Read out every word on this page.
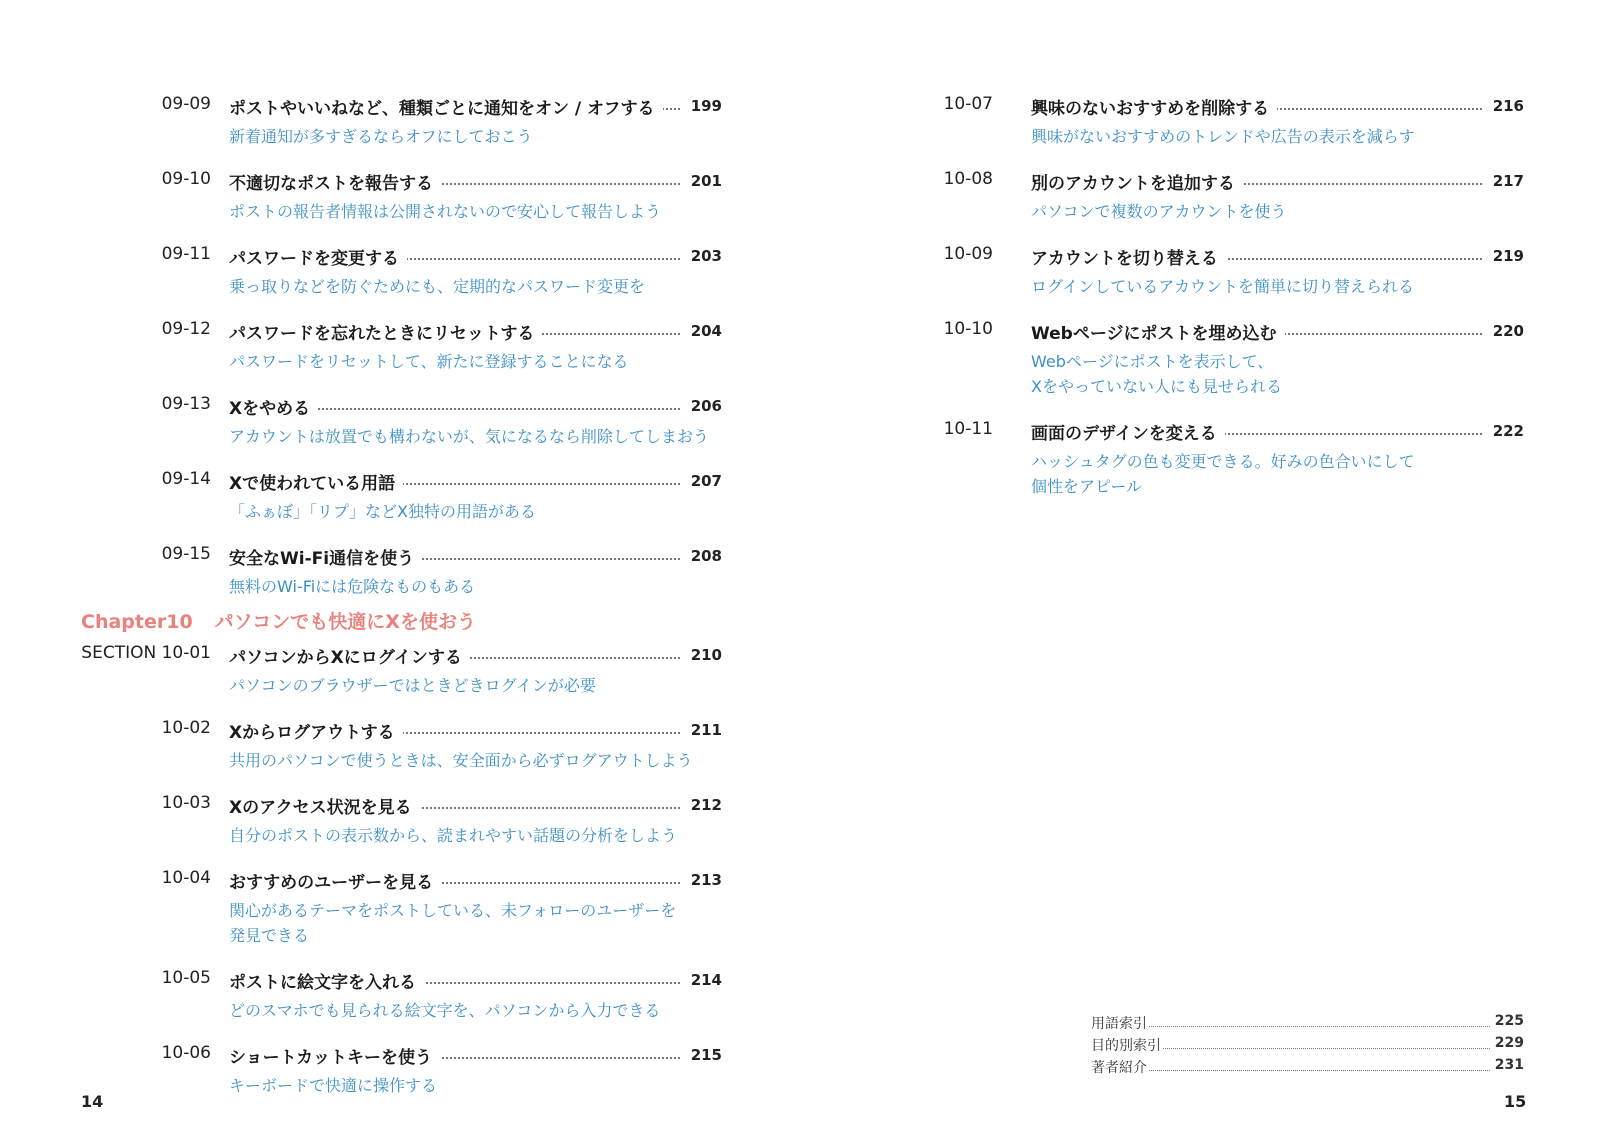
09-09 ポストやいいねなど、種類ごとに通知をオン / オフする	199
新着通知が多すぎるならオフにしておこう
09-10 不適切なポストを報告する	201
ポストの報告者情報は公開されないので安心して報告しよう
09-11 パスワードを変更する	203
乗っ取りなどを防ぐためにも、定期的なパスワード変更を
09-12 パスワードを忘れたときにリセットする	204
パスワードをリセットして、新たに登録することになる
09-13 Xをやめる	206
アカウントは放置でも構わないが、気になるなら削除してしまおう
09-14 Xで使われている用語	207
「ふぁぼ」「リプ」などX独特の用語がある
09-15 安全なWi-Fi通信を使う	208
無料のWi-Fiには危険なものもある
SECTION 10-01 パソコンからXにログインする	210
パソコンのブラウザーではときどきログインが必要
10-02 Xからログアウトする	211
共用のパソコンで使うときは、安全面から必ずログアウトしよう
10-03 Xのアクセス状況を見る	212
自分のポストの表示数から、読まれやすい話題の分析をしよう
10-04 おすすめのユーザーを見る	213
関心があるテーマをポストしている、未フォローのユーザーを
発見できる
10-05 ポストに絵文字を入れる	214
どのスマホでも見られる絵文字を、パソコンから入力できる
10-06 ショートカットキーを使う	215
キーボードで快適に操作する
10-07 興味のないおすすめを削除する	216
興味がないおすすめのトレンドや広告の表示を減らす
10-08 別のアカウントを追加する	217
パソコンで複数のアカウントを使う
10-09 アカウントを切り替える	219
ログインしているアカウントを簡単に切り替えられる
10-10 Webページにポストを埋め込む	220
Webページにポストを表示して、
Xをやっていない人にも見せられる
10-11 画面のデザインを変える	222
ハッシュタグの色も変更できる。好みの色合いにして
個性をアピール
Chapter10 パソコンでも快適にXを使おう
14	15
用語索引	225
目的別索引	229
著者紹介	231
